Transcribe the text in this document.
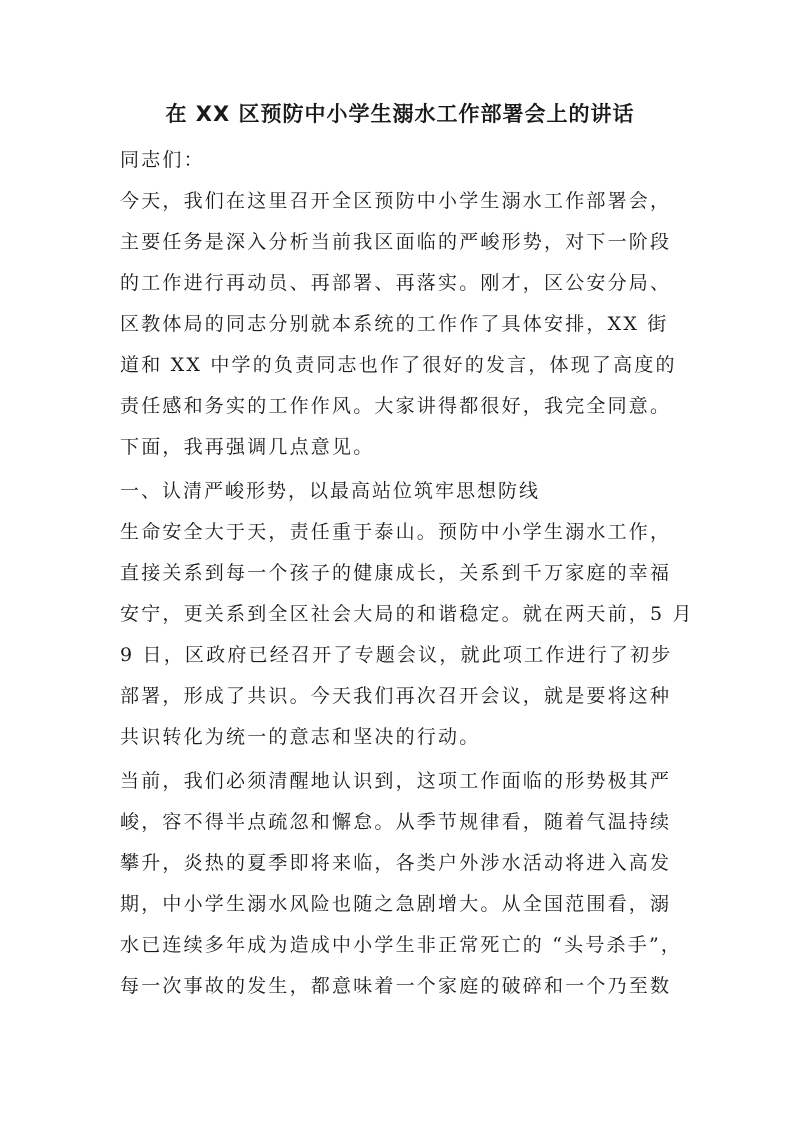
在 XX 区预防中小学生溺水工作部署会上的讲话
同志们：
今天，我们在这里召开全区预防中小学生溺水工作部署会，
主要任务是深入分析当前我区面临的严峻形势，对下一阶段
的工作进行再动员、再部署、再落实。刚才，区公安分局、
区教体局的同志分别就本系统的工作作了具体安排，XX 街
道和 XX 中学的负责同志也作了很好的发言，体现了高度的
责任感和务实的工作作风。大家讲得都很好，我完全同意。
下面，我再强调几点意见。
一、认清严峻形势，以最高站位筑牢思想防线
生命安全大于天，责任重于泰山。预防中小学生溺水工作，
直接关系到每一个孩子的健康成长，关系到千万家庭的幸福
安宁，更关系到全区社会大局的和谐稳定。就在两天前，5 月
9 日，区政府已经召开了专题会议，就此项工作进行了初步
部署，形成了共识。今天我们再次召开会议，就是要将这种
共识转化为统一的意志和坚决的行动。
当前，我们必须清醒地认识到，这项工作面临的形势极其严
峻，容不得半点疏忽和懈怠。从季节规律看，随着气温持续
攀升，炎热的夏季即将来临，各类户外涉水活动将进入高发
期，中小学生溺水风险也随之急剧增大。从全国范围看，溺
水已连续多年成为造成中小学生非正常死亡的 “头号杀手”，
每一次事故的发生，都意味着一个家庭的破碎和一个乃至数
